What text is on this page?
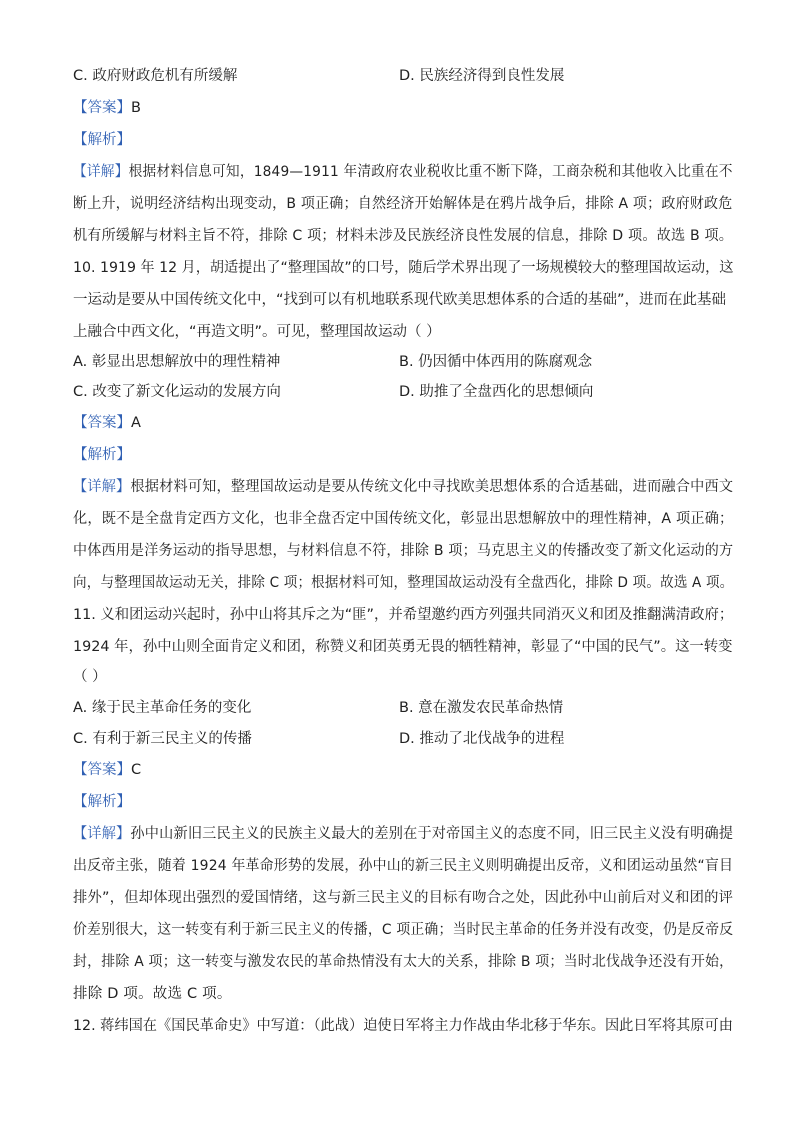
C. 政府财政危机有所缓解	D. 民族经济得到良性发展
【答案】B
【解析】
【详解】根据材料信息可知，1849—1911 年清政府农业税收比重不断下降，工商杂税和其他收入比重在不
断上升，说明经济结构出现变动，B 项正确；自然经济开始解体是在鸦片战争后，排除 A 项；政府财政危
机有所缓解与材料主旨不符，排除 C 项；材料未涉及民族经济良性发展的信息，排除 D 项。故选 B 项。
10. 1919 年 12 月，胡适提出了“整理国故”的口号，随后学术界出现了一场规模较大的整理国故运动，这
一运动是要从中国传统文化中，“找到可以有机地联系现代欧美思想体系的合适的基础”，进而在此基础
上融合中西文化，“再造文明”。可见，整理国故运动（ ）
A. 彰显出思想解放中的理性精神	B. 仍因循中体西用的陈腐观念
C. 改变了新文化运动的发展方向	D. 助推了全盘西化的思想倾向
【答案】A
【解析】
【详解】根据材料可知，整理国故运动是要从传统文化中寻找欧美思想体系的合适基础，进而融合中西文
化，既不是全盘肯定西方文化，也非全盘否定中国传统文化，彰显出思想解放中的理性精神，A 项正确；
中体西用是洋务运动的指导思想，与材料信息不符，排除 B 项；马克思主义的传播改变了新文化运动的方
向，与整理国故运动无关，排除 C 项；根据材料可知，整理国故运动没有全盘西化，排除 D 项。故选 A 项。
11. 义和团运动兴起时，孙中山将其斥之为“匪”，并希望邀约西方列强共同消灭义和团及推翻满清政府；
1924 年，孙中山则全面肯定义和团，称赞义和团英勇无畏的牺牲精神，彰显了“中国的民气”。这一转变
（ ）
A. 缘于民主革命任务的变化	B. 意在激发农民革命热情
C. 有利于新三民主义的传播	D. 推动了北伐战争的进程
【答案】C
【解析】
【详解】孙中山新旧三民主义的民族主义最大的差别在于对帝国主义的态度不同，旧三民主义没有明确提
出反帝主张，随着 1924 年革命形势的发展，孙中山的新三民主义则明确提出反帝，义和团运动虽然“盲目
排外”，但却体现出强烈的爱国情绪，这与新三民主义的目标有吻合之处，因此孙中山前后对义和团的评
价差别很大，这一转变有利于新三民主义的传播，C 项正确；当时民主革命的任务并没有改变，仍是反帝反
封，排除 A 项；这一转变与激发农民的革命热情没有太大的关系，排除 B 项；当时北伐战争还没有开始，
排除 D 项。故选 C 项。
12. 蒋纬国在《国民革命史》中写道：（此战）迫使日军将主力作战由华北移于华东。因此日军将其原可由
